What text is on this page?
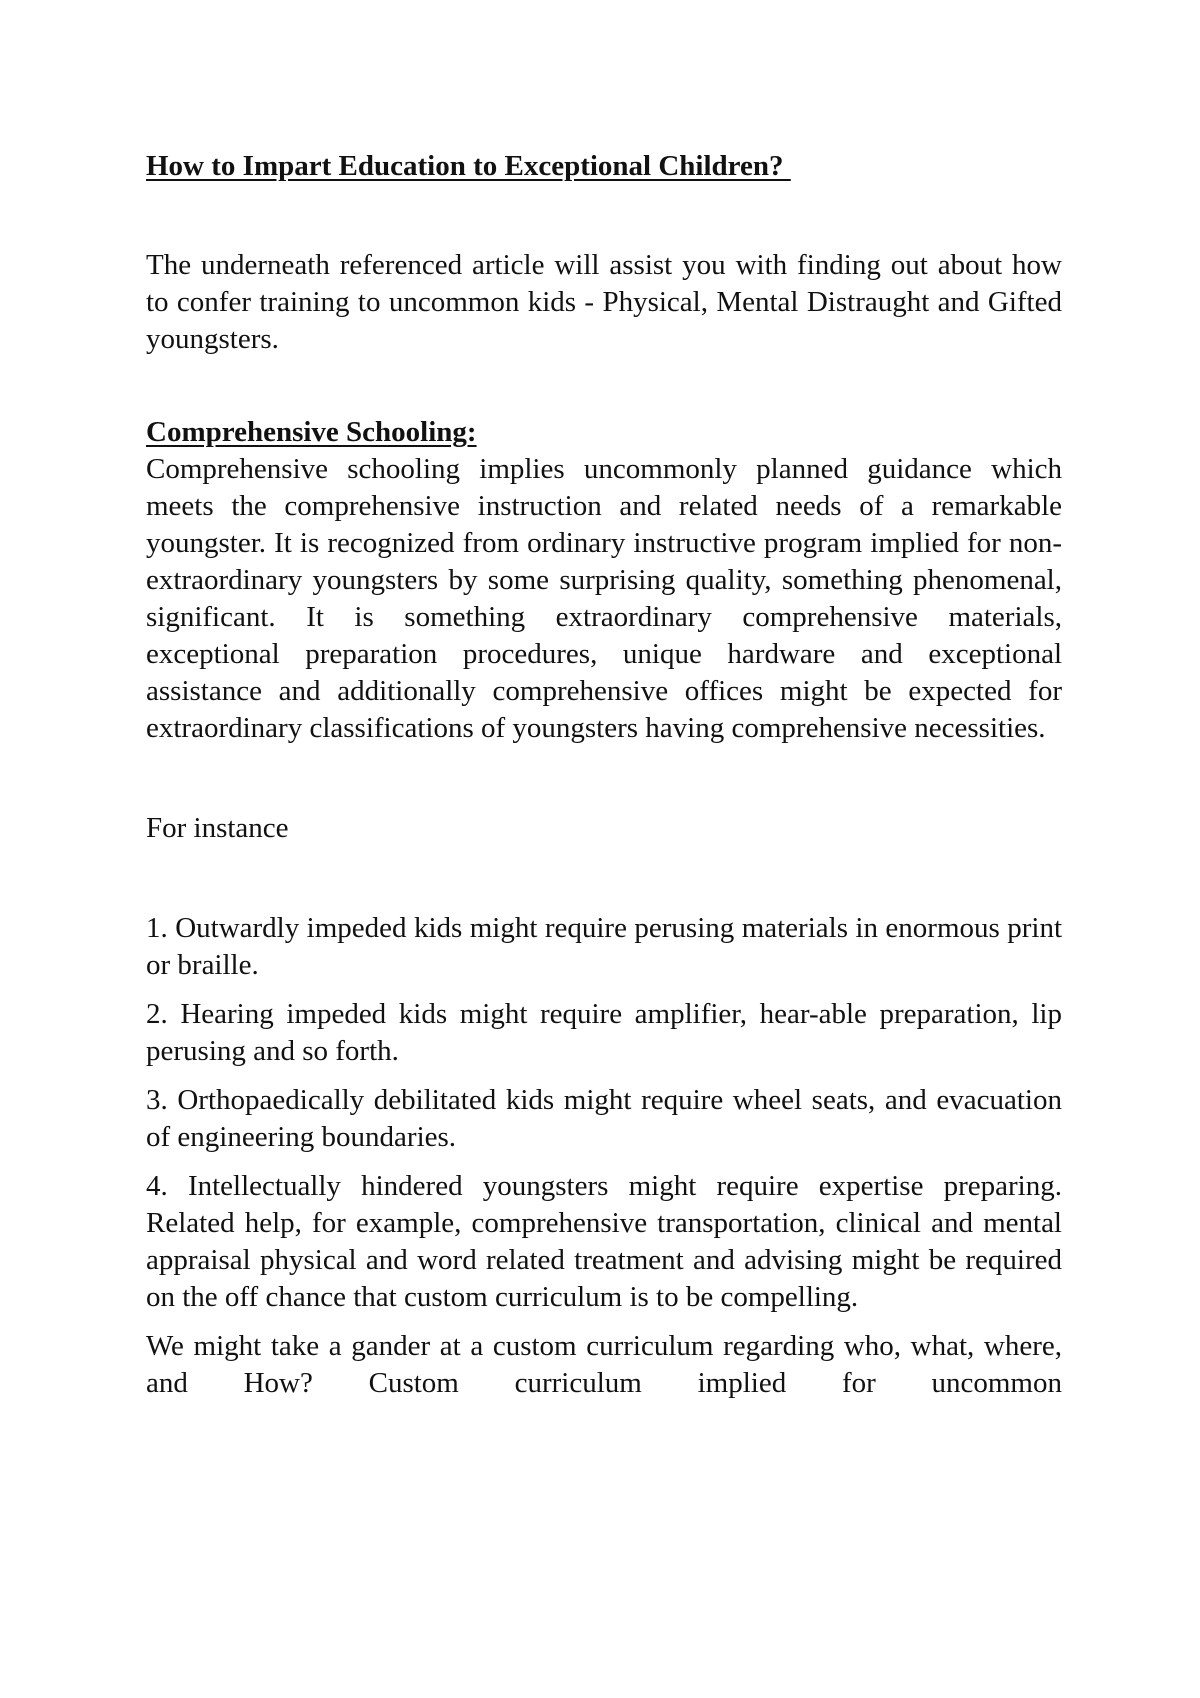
How to Impart Education to Exceptional Children?

The underneath referenced article will assist you with finding out about how to confer training to uncommon kids - Physical, Mental Distraught and Gifted youngsters.

Comprehensive Schooling:

Comprehensive schooling implies uncommonly planned guidance which meets the comprehensive instruction and related needs of a remarkable youngster. It is recognized from ordinary instructive program implied for non-extraordinary youngsters by some surprising quality, something phenomenal, significant. It is something extraordinary comprehensive materials, exceptional preparation procedures, unique hardware and exceptional assistance and additionally comprehensive offices might be expected for extraordinary classifications of youngsters having comprehensive necessities.

For instance

1. Outwardly impeded kids might require perusing materials in enormous print or braille.
2. Hearing impeded kids might require amplifier, hear-able preparation, lip perusing and so forth.
3. Orthopaedically debilitated kids might require wheel seats, and evacuation of engineering boundaries.
4. Intellectually hindered youngsters might require expertise preparing. Related help, for example, comprehensive transportation, clinical and mental appraisal physical and word related treatment and advising might be required on the off chance that custom curriculum is to be compelling.

We might take a gander at a custom curriculum regarding who, what, where, and How? Custom curriculum implied for uncommon
